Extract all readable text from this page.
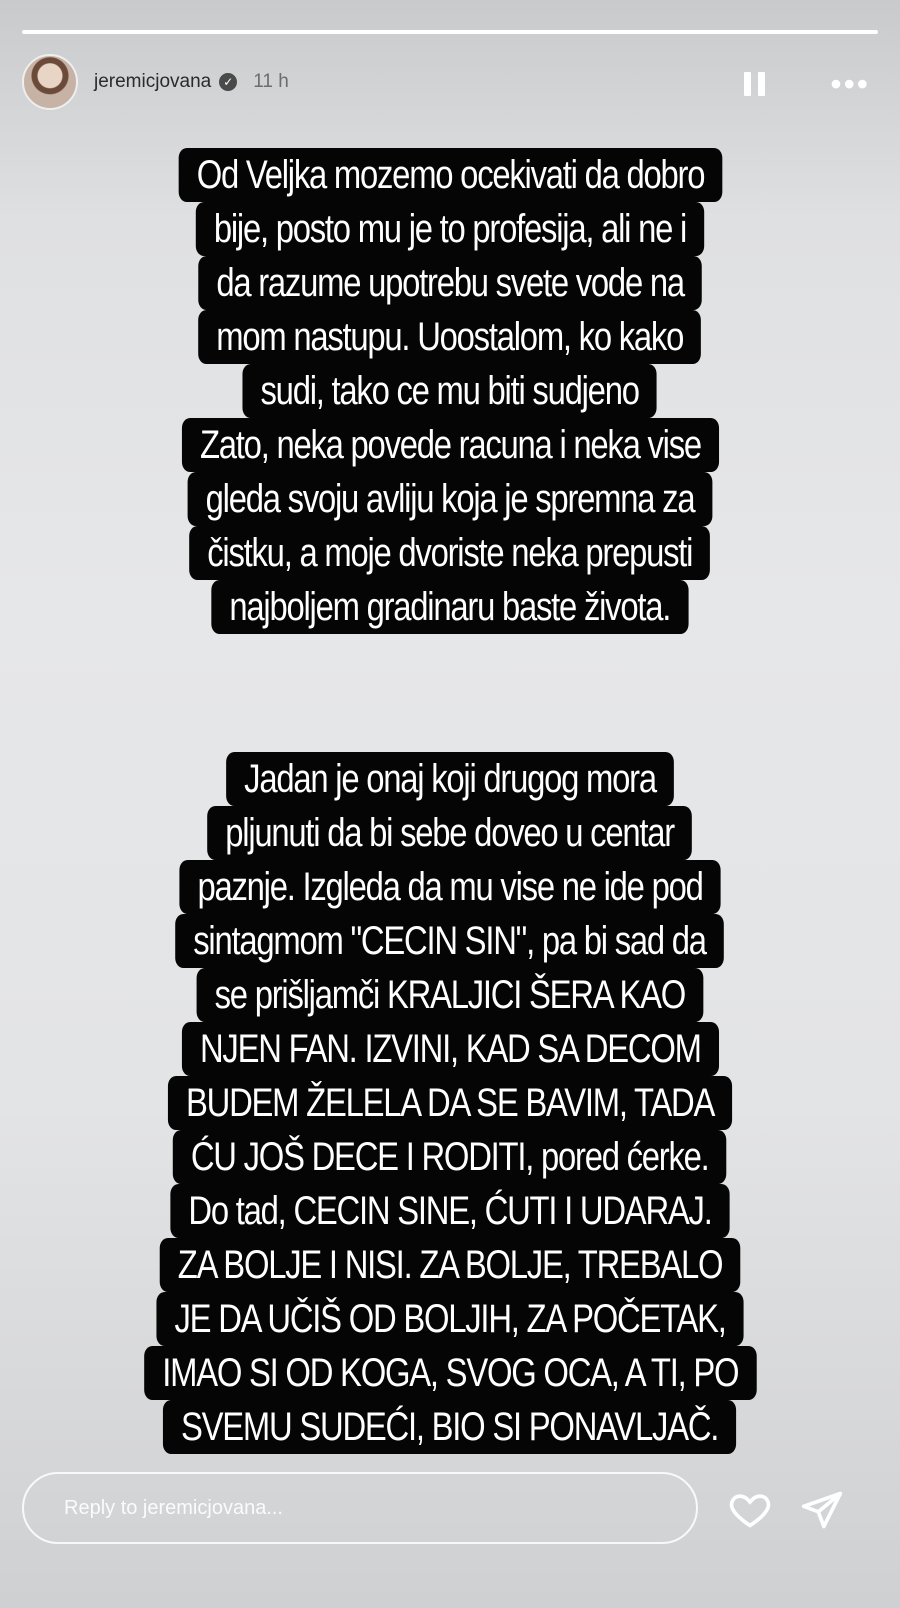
jeremicjovana ✓ 11 h	•••
Od Veljka mozemo ocekivati da dobro
bije, posto mu je to profesija, ali ne i
da razume upotrebu svete vode na
mom nastupu. Uoostalom, ko kako
sudi, tako ce mu biti sudjeno
Zato, neka povede racuna i neka vise
gleda svoju avliju koja je spremna za
čistku, a moje dvoriste neka prepusti
najboljem gradinaru baste života.
Jadan je onaj koji drugog mora
pljunuti da bi sebe doveo u centar
paznje. Izgleda da mu vise ne ide pod
sintagmom "CECIN SIN", pa bi sad da
se prišljamči KRALJICI ŠERA KAO
NJEN FAN. IZVINI, KAD SA DECOM
BUDEM ŽELELA DA SE BAVIM, TADA
ĆU JOŠ DECE I RODITI, pored ćerke.
Do tad, CECIN SINE, ĆUTI I UDARAJ.
ZA BOLJE I NISI. ZA BOLJE, TREBALO
JE DA UČIŠ OD BOLJIH, ZA POČETAK,
IMAO SI OD KOGA, SVOG OCA, A TI, PO
SVEMU SUDEĆI, BIO SI PONAVLJAČ.
Reply to jeremicjovana...
